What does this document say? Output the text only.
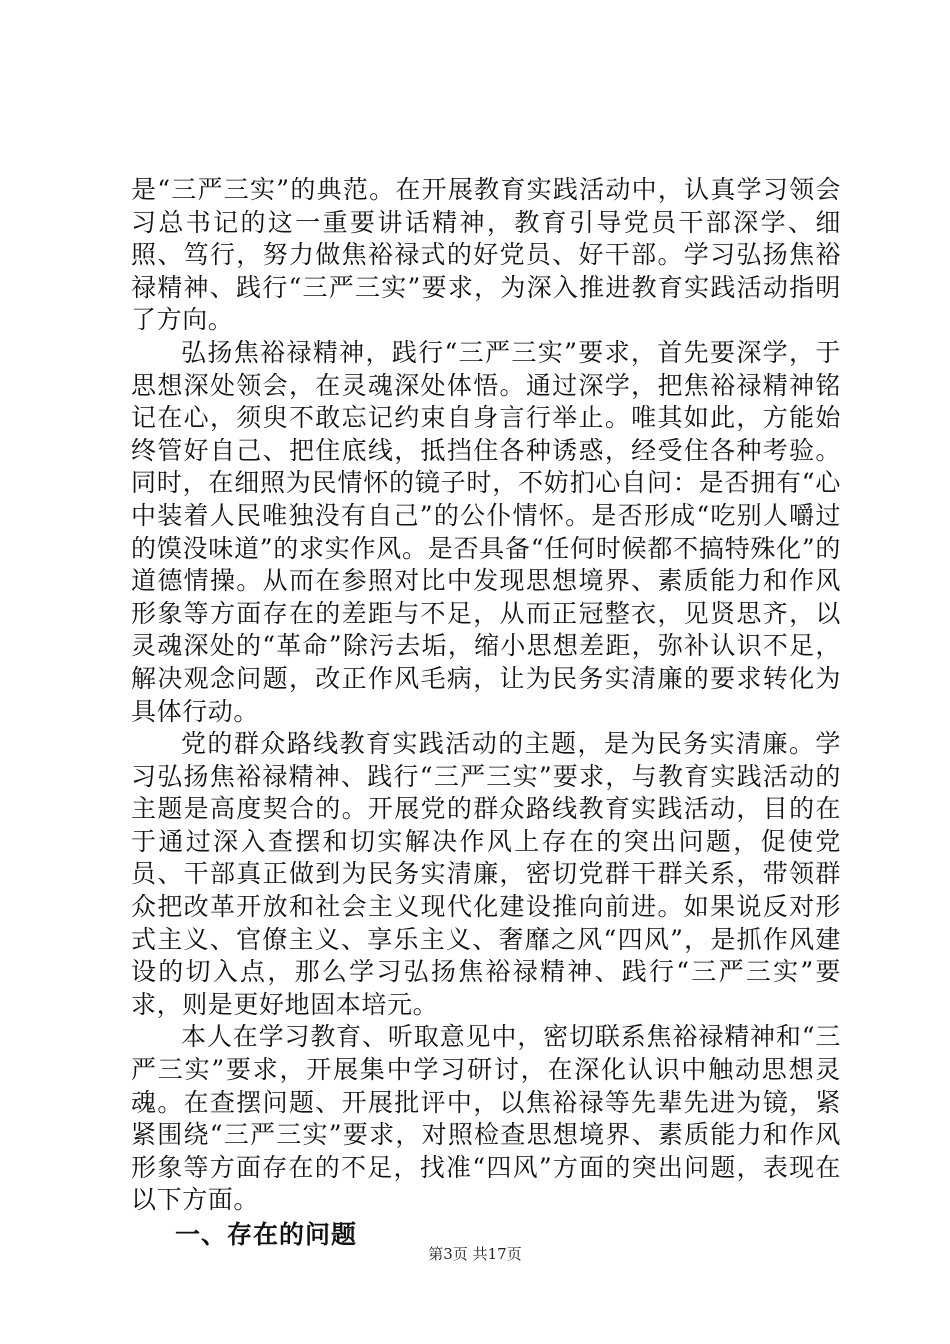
是“三严三实”的典范。在开展教育实践活动中，认真学习领会习总书记的这一重要讲话精神，教育引导党员干部深学、细照、笃行，努力做焦裕禄式的好党员、好干部。学习弘扬焦裕禄精神、践行“三严三实”要求，为深入推进教育实践活动指明了方向。

弘扬焦裕禄精神，践行“三严三实”要求，首先要深学，于思想深处领会，在灵魂深处体悟。通过深学，把焦裕禄精神铭记在心，须臾不敢忘记约束自身言行举止。唯其如此，方能始终管好自己、把住底线，抵挡住各种诱惑，经受住各种考验。同时，在细照为民情怀的镜子时，不妨扪心自问：是否拥有“心中装着人民唯独没有自己”的公仆情怀。是否形成“吃别人嚼过的馍没味道”的求实作风。是否具备“任何时候都不搞特殊化”的道德情操。从而在参照对比中发现思想境界、素质能力和作风形象等方面存在的差距与不足，从而正冠整衣，见贤思齐，以灵魂深处的“革命”除污去垢，缩小思想差距，弥补认识不足，解决观念问题，改正作风毛病，让为民务实清廉的要求转化为具体行动。

党的群众路线教育实践活动的主题，是为民务实清廉。学习弘扬焦裕禄精神、践行“三严三实”要求，与教育实践活动的主题是高度契合的。开展党的群众路线教育实践活动，目的在于通过深入查摆和切实解决作风上存在的突出问题，促使党员、干部真正做到为民务实清廉，密切党群干群关系，带领群众把改革开放和社会主义现代化建设推向前进。如果说反对形式主义、官僚主义、享乐主义、奢靡之风“四风”，是抓作风建设的切入点，那么学习弘扬焦裕禄精神、践行“三严三实”要求，则是更好地固本培元。

本人在学习教育、听取意见中，密切联系焦裕禄精神和“三严三实”要求，开展集中学习研讨，在深化认识中触动思想灵魂。在查摆问题、开展批评中，以焦裕禄等先辈先进为镜，紧紧围绕“三严三实”要求，对照检查思想境界、素质能力和作风形象等方面存在的不足，找准“四风”方面的突出问题，表现在以下方面。

一、存在的问题
第3页 共17页
